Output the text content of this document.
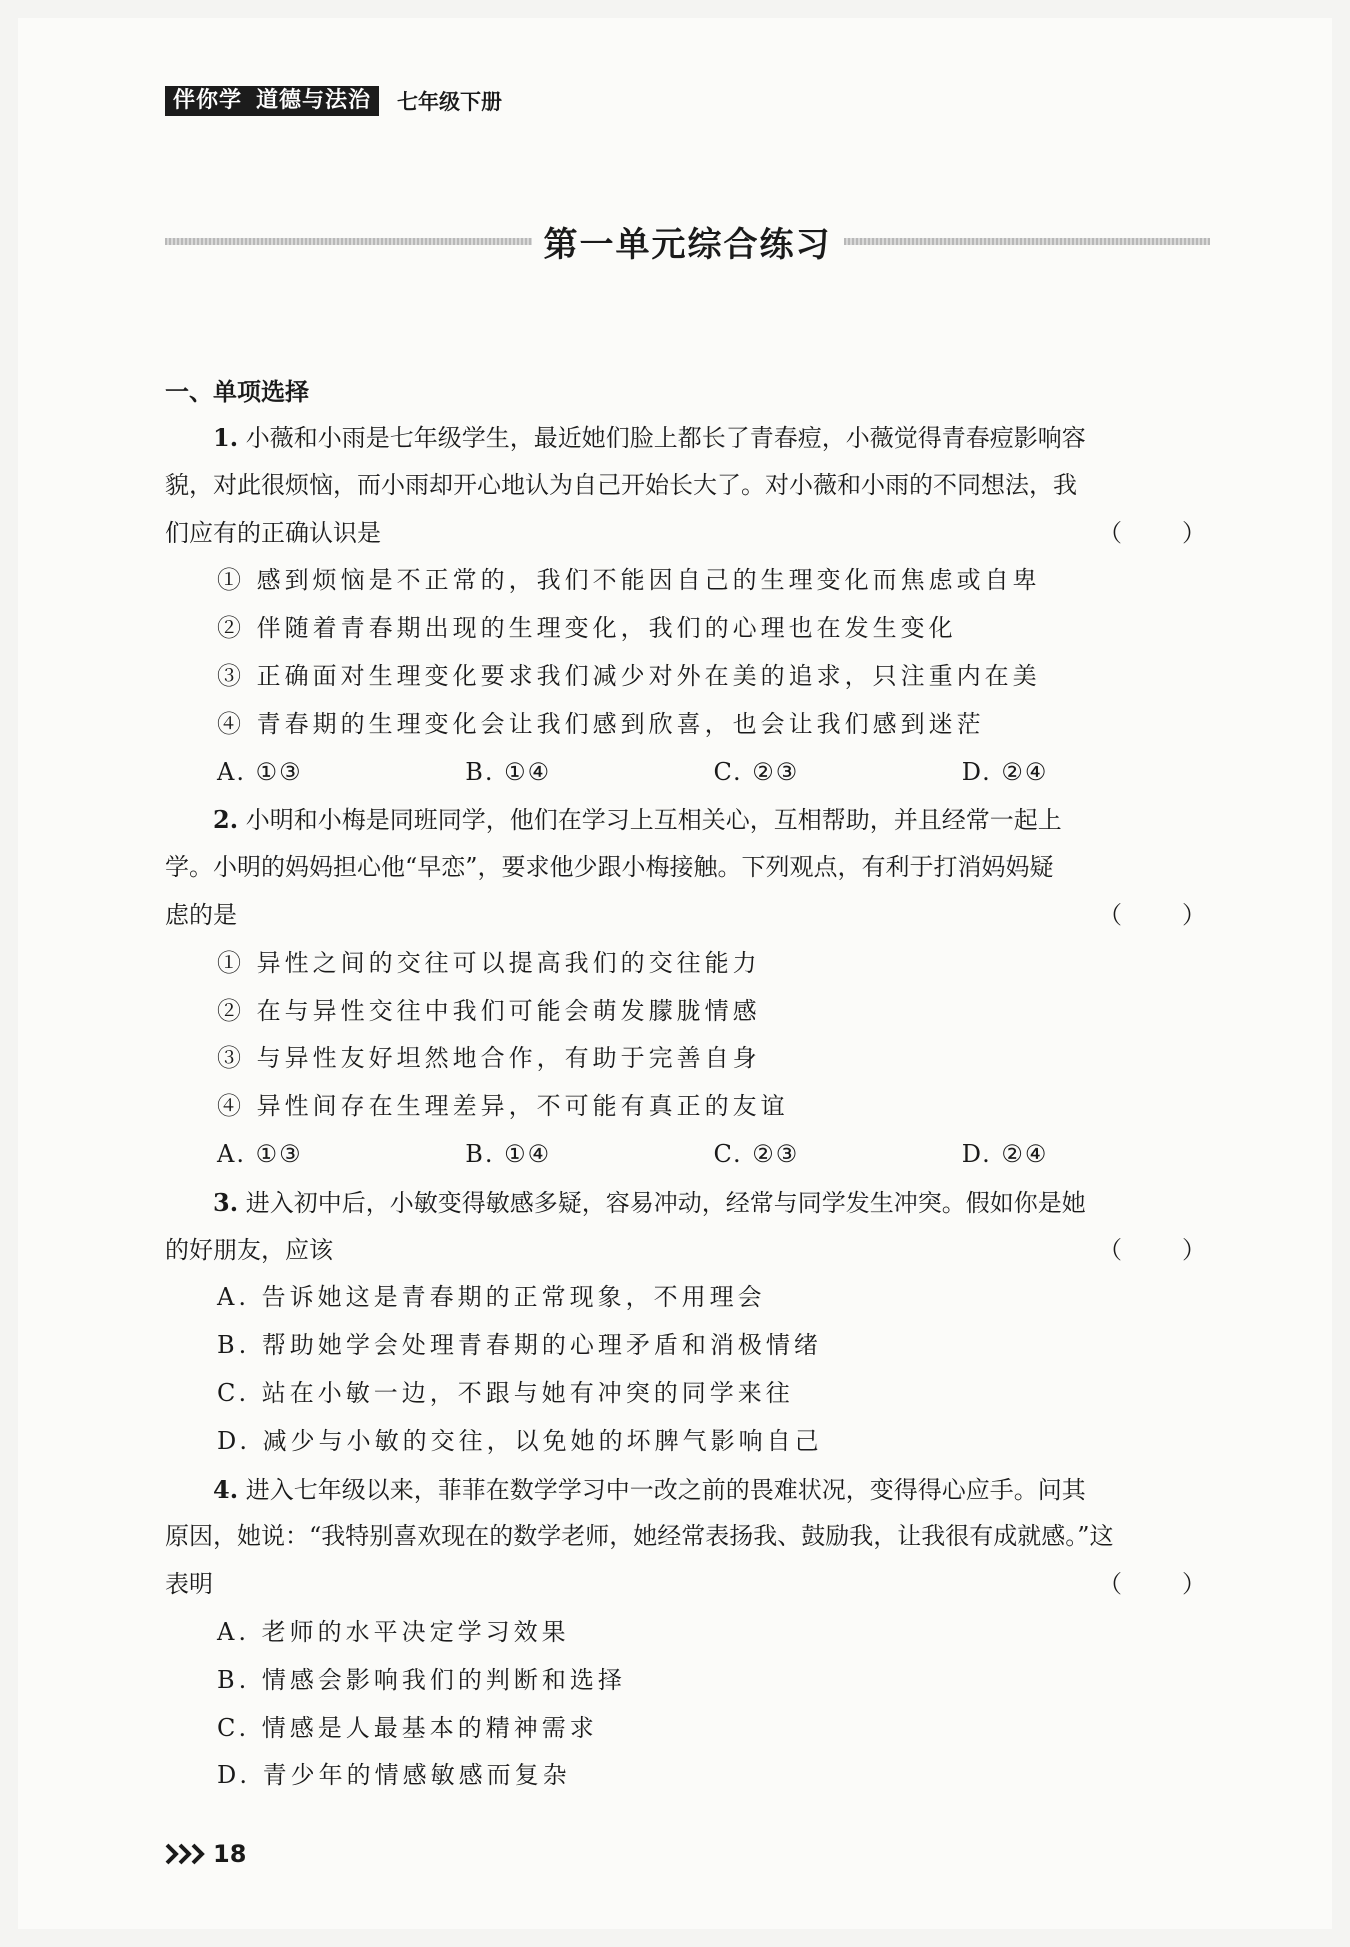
伴你学 道德与法治	七年级下册
第一单元综合练习
一、单项选择
1. 小薇和小雨是七年级学生，最近她们脸上都长了青春痘，小薇觉得青春痘影响容
貌，对此很烦恼，而小雨却开心地认为自己开始长大了。对小薇和小雨的不同想法，我
们应有的正确认识是	（　　）
① 感到烦恼是不正常的，我们不能因自己的生理变化而焦虑或自卑
② 伴随着青春期出现的生理变化，我们的心理也在发生变化
③ 正确面对生理变化要求我们减少对外在美的追求，只注重内在美
④ 青春期的生理变化会让我们感到欣喜，也会让我们感到迷茫
A. ①③	B. ①④	C. ②③	D. ②④
2. 小明和小梅是同班同学，他们在学习上互相关心，互相帮助，并且经常一起上
学。小明的妈妈担心他“早恋”，要求他少跟小梅接触。下列观点，有利于打消妈妈疑
虑的是	（　　）
① 异性之间的交往可以提高我们的交往能力
② 在与异性交往中我们可能会萌发朦胧情感
③ 与异性友好坦然地合作，有助于完善自身
④ 异性间存在生理差异，不可能有真正的友谊
A. ①③	B. ①④	C. ②③	D. ②④
3. 进入初中后，小敏变得敏感多疑，容易冲动，经常与同学发生冲突。假如你是她
的好朋友，应该	（　　）
A. 告诉她这是青春期的正常现象，不用理会
B. 帮助她学会处理青春期的心理矛盾和消极情绪
C. 站在小敏一边，不跟与她有冲突的同学来往
D. 减少与小敏的交往，以免她的坏脾气影响自己
4. 进入七年级以来，菲菲在数学学习中一改之前的畏难状况，变得得心应手。问其
原因，她说：“我特别喜欢现在的数学老师，她经常表扬我、鼓励我，让我很有成就感。”这
表明	（　　）
A. 老师的水平决定学习效果
B. 情感会影响我们的判断和选择
C. 情感是人最基本的精神需求
D. 青少年的情感敏感而复杂
18
